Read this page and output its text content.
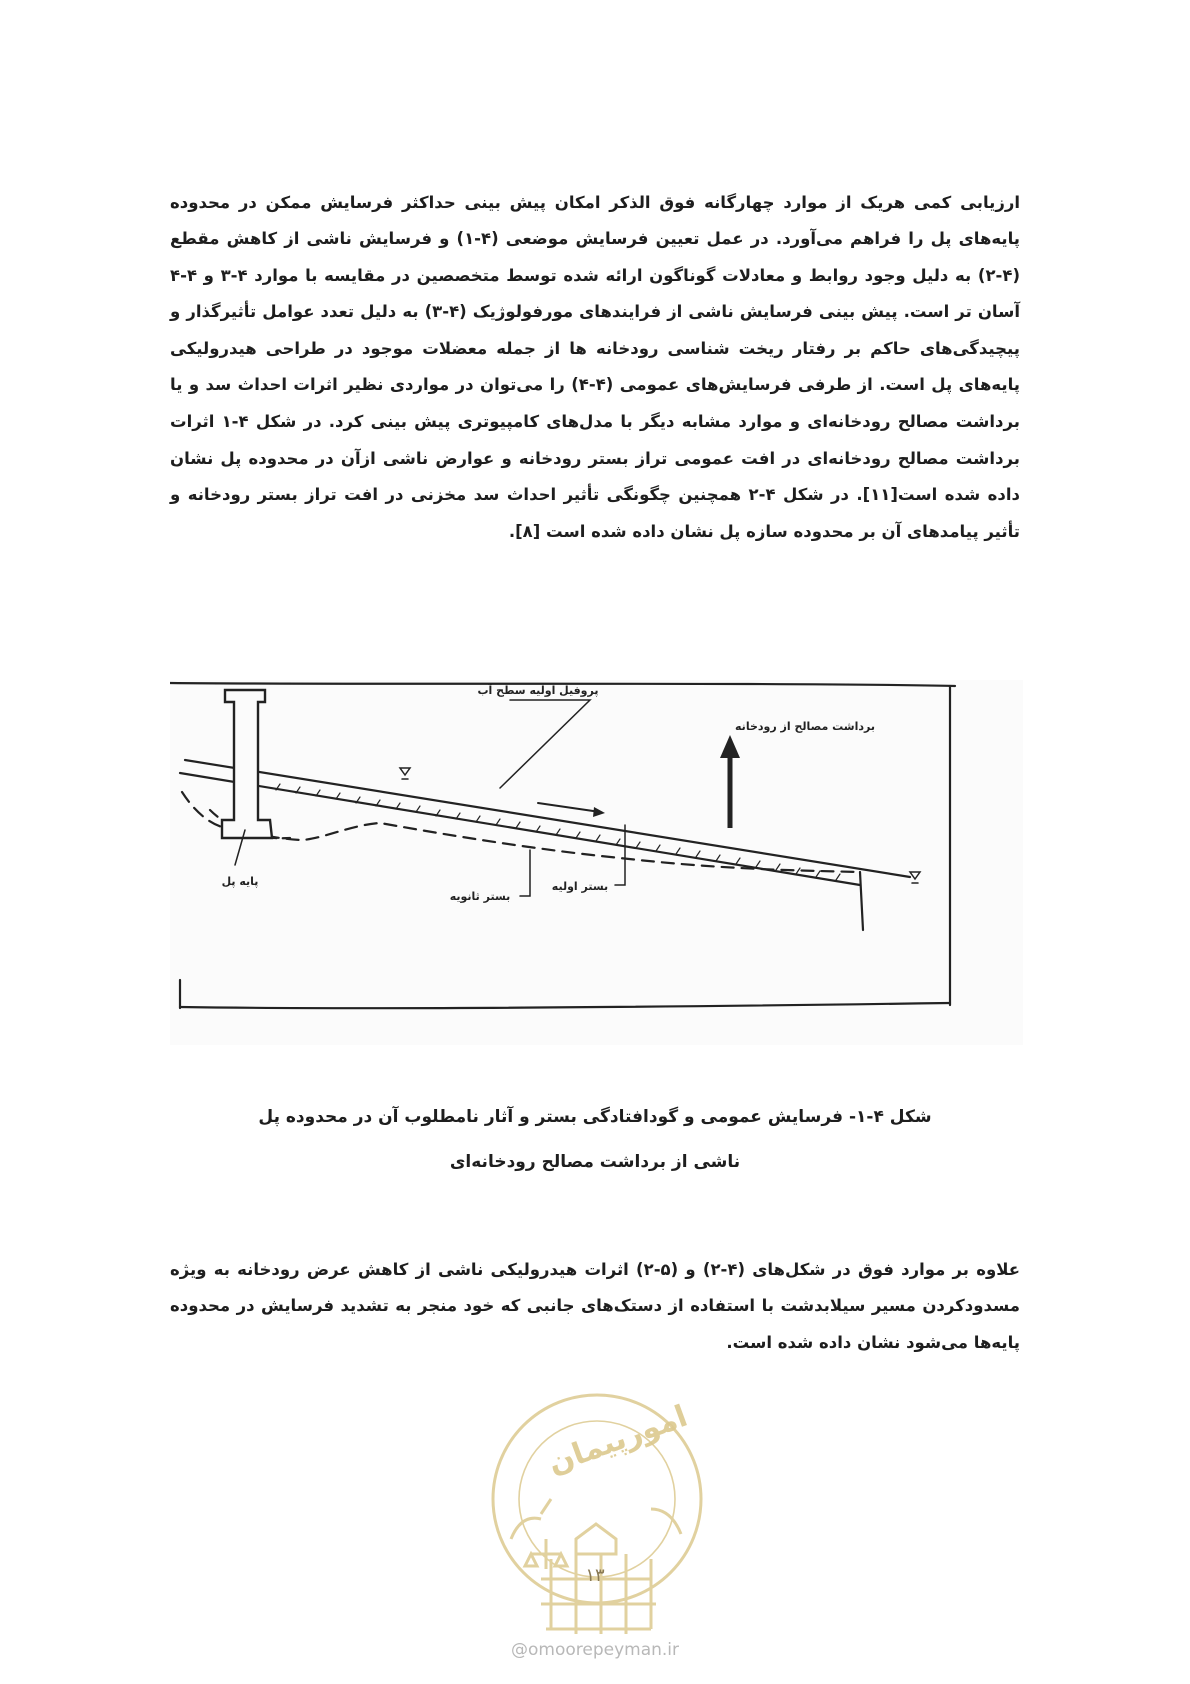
ارزیابی کمی هریک از موارد چهارگانه فوق الذکر امکان پیش بینی حداکثر فرسایش ممکن در محدوده پایه‌های پل را فراهم می‌آورد. در عمل تعیین فرسایش موضعی (۴-۱) و فرسایش ناشی از کاهش مقطع (۴-۲) به دلیل وجود روابط و معادلات گوناگون ارائه شده توسط متخصصین در مقایسه با موارد ۴-۳ و ۴-۴ آسان تر است. پیش بینی فرسایش ناشی از فرایندهای مورفولوژیک (۴-۳) به دلیل تعدد عوامل تأثیرگذار و پیچیدگی‌های حاکم بر رفتار ریخت شناسی رودخانه ها از جمله معضلات موجود در طراحی هیدرولیکی پایه‌های پل است. از طرفی فرسایش‌های عمومی (۴-۴) را می‌توان در مواردی نظیر اثرات احداث سد و یا برداشت مصالح رودخانه‌ای و موارد مشابه دیگر با مدل‌های کامپیوتری پیش بینی کرد. در شکل ۴-۱ اثرات برداشت مصالح رودخانه‌ای در افت عمومی تراز بستر رودخانه و عوارض ناشی ازآن در محدوده پل نشان داده شده است[۱۱]. در شکل ۴-۲ همچنین چگونگی تأثیر احداث سد مخزنی در افت تراز بستر رودخانه و تأثیر پیامدهای آن بر محدوده سازه پل نشان داده شده است [۸].

پروفیل اولیه سطح آب
برداشت مصالح از رودخانه
پایه پل
بستر ثانویه
بستر اولیه
شکل ۴-۱- فرسایش عمومی و گودافتادگی بستر و آثار نامطلوب آن در محدوده پل
ناشی از برداشت مصالح رودخانه‌ای

علاوه بر موارد فوق در شکل‌های (۴-۲) و (۵-۲) اثرات هیدرولیکی ناشی از کاهش عرض رودخانه به ویژه مسدودکردن مسیر سیلابدشت با استفاده از دستک‌های جانبی که خود منجر به تشدید فرسایش در محدوده پایه‌ها می‌شود نشان داده شده است.

امورپیمان
۱۳
@omoorepeyman.ir
